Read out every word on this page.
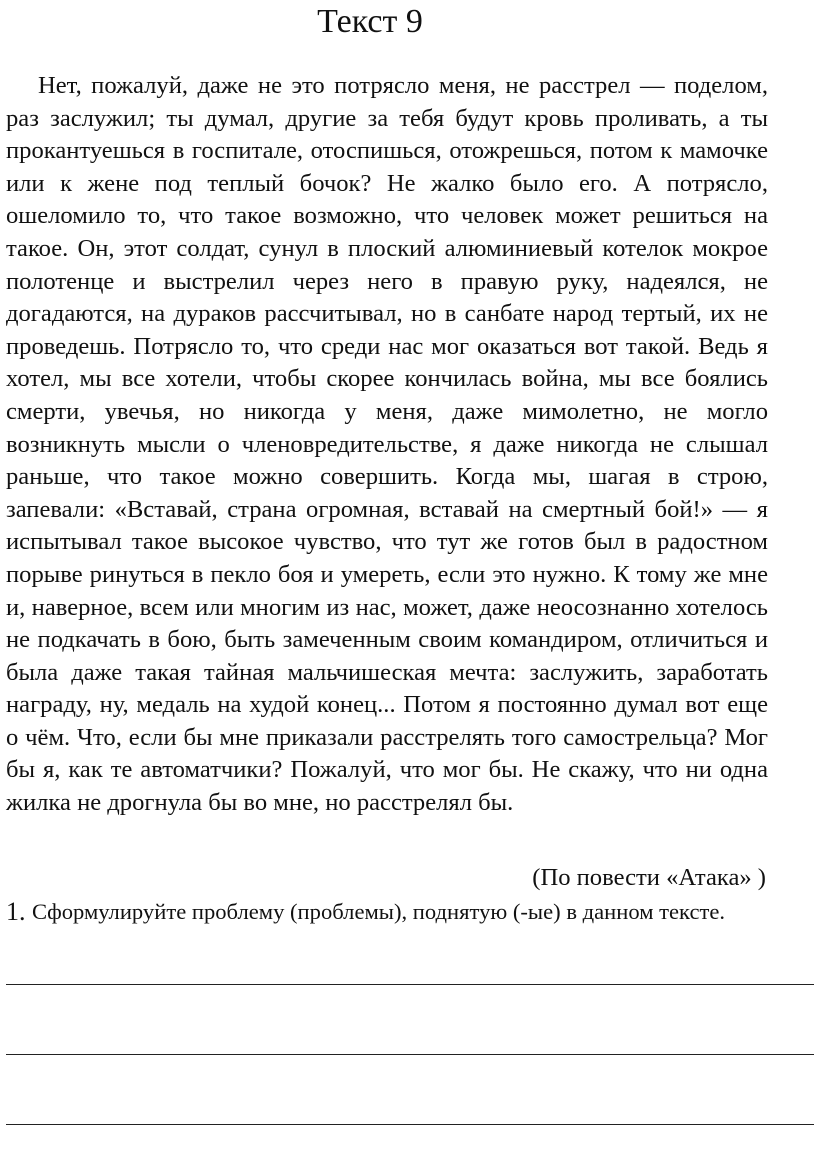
Текст 9

Нет, пожалуй, даже не это потрясло меня, не расстрел — поделом, раз заслужил; ты думал, другие за тебя будут кровь проливать, а ты прокантуешься в госпитале, отоспишься, отожрешься, потом к мамочке или к жене под теплый бочок? Не жалко было его. А потрясло, ошеломило то, что такое возможно, что человек может решиться на такое. Он, этот солдат, сунул в плоский алюминиевый котелок мокрое полотенце и выстрелил через него в правую руку, надеялся, не догадаются, на дураков рассчитывал, но в санбате народ тертый, их не проведешь. Потрясло то, что среди нас мог оказаться вот такой. Ведь я хотел, мы все хотели, чтобы скорее кончилась война, мы все боялись смерти, увечья, но никогда у меня, даже мимолетно, не могло возникнуть мысли о членовредительстве, я даже никогда не слышал раньше, что такое можно совершить. Когда мы, шагая в строю, запевали: «Вставай, страна огромная, вставай на смертный бой!» — я испытывал такое высокое чувство, что тут же готов был в радостном порыве ринуться в пекло боя и умереть, если это нужно. К тому же мне и, наверное, всем или многим из нас, может, даже неосознанно хотелось не подкачать в бою, быть замеченным своим командиром, отличиться и была даже такая тайная мальчишеская мечта: заслужить, заработать награду, ну, медаль на худой конец... Потом я постоянно думал вот еще о чём. Что, если бы мне приказали расстрелять того самострельца? Мог бы я, как те автоматчики? Пожалуй, что мог бы. Не скажу, что ни одна жилка не дрогнула бы во мне, но расстрелял бы.

(По повести «Атака» )
1. Сформулируйте проблему (проблемы), поднятую (-ые) в данном тексте.
